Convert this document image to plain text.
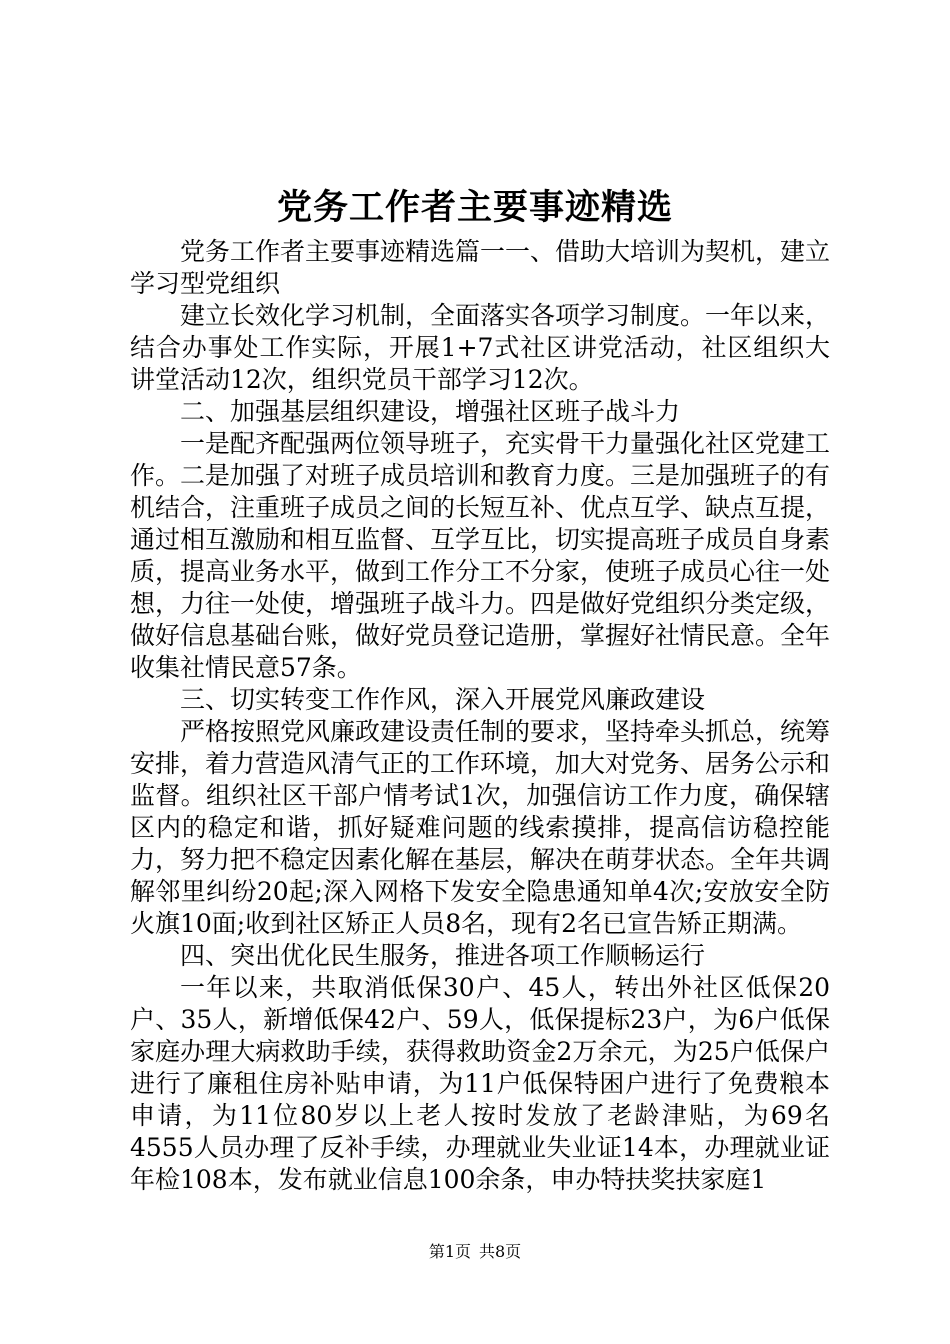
党务工作者主要事迹精选

党务工作者主要事迹精选篇一一、借助大培训为契机，建立学习型党组织

建立长效化学习机制，全面落实各项学习制度。一年以来，结合办事处工作实际，开展1+7式社区讲党活动，社区组织大讲堂活动12次，组织党员干部学习12次。

二、加强基层组织建设，增强社区班子战斗力

一是配齐配强两位领导班子，充实骨干力量强化社区党建工作。二是加强了对班子成员培训和教育力度。三是加强班子的有机结合，注重班子成员之间的长短互补、优点互学、缺点互提，通过相互激励和相互监督、互学互比，切实提高班子成员自身素质，提高业务水平，做到工作分工不分家，使班子成员心往一处想，力往一处使，增强班子战斗力。四是做好党组织分类定级，做好信息基础台账，做好党员登记造册，掌握好社情民意。全年收集社情民意57条。

三、切实转变工作作风，深入开展党风廉政建设

严格按照党风廉政建设责任制的要求，坚持牵头抓总，统筹安排，着力营造风清气正的工作环境，加大对党务、居务公示和监督。组织社区干部户情考试1次，加强信访工作力度，确保辖区内的稳定和谐，抓好疑难问题的线索摸排，提高信访稳控能力，努力把不稳定因素化解在基层，解决在萌芽状态。全年共调解邻里纠纷20起;深入网格下发安全隐患通知单4次;安放安全防火旗10面;收到社区矫正人员8名，现有2名已宣告矫正期满。

四、突出优化民生服务，推进各项工作顺畅运行

一年以来，共取消低保30户、45人，转出外社区低保20户、35人，新增低保42户、59人，低保提标23户，为6户低保家庭办理大病救助手续，获得救助资金2万余元，为25户低保户进行了廉租住房补贴申请，为11户低保特困户进行了免费粮本申请，为11位80岁以上老人按时发放了老龄津贴，为69名4555人员办理了反补手续，办理就业失业证14本，办理就业证年检108本，发布就业信息100余条，申办特扶奖扶家庭1

第1页 共8页
